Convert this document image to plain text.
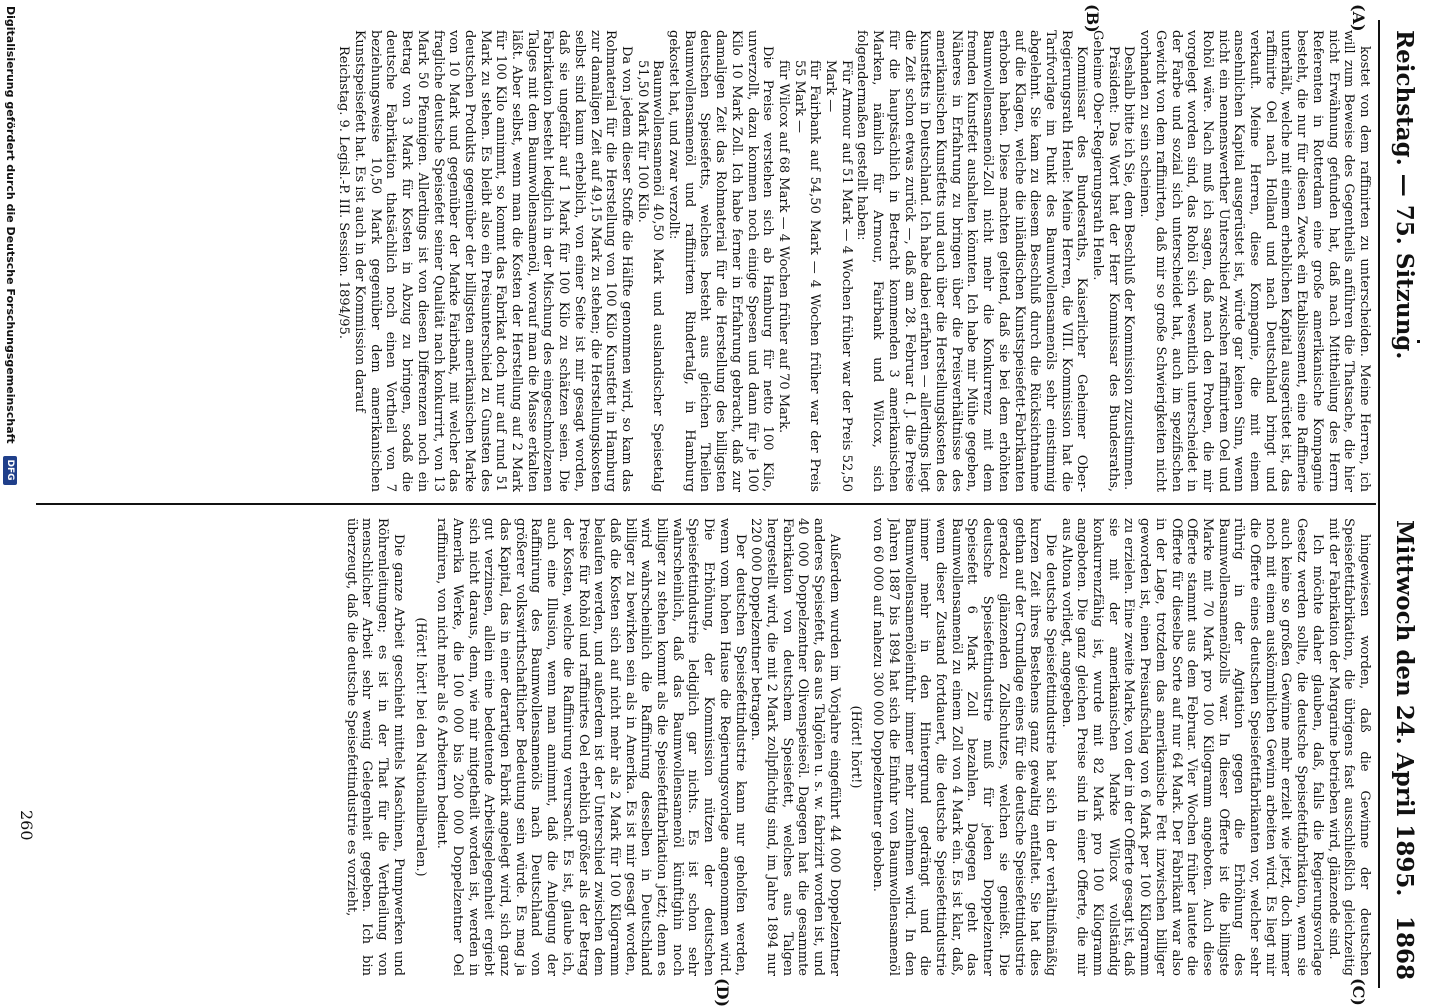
Reichstag. — 75. Sitzung.
Mittwoch den 24. April 1895.
1868
(A)
(B)
(C)
(D)

kostet von dem raffinirten zu unterscheiden. Meine Herren, ich will zum Beweise des Gegentheils anführen die Thatsache, die hier nicht Erwähnung gefunden hat, daß nach Mittheilung des Herrn Referenten in Rotterdam eine große amerikanische Kompagnie besteht, die nur für diesen Zweck ein Etablissement, eine Raffinerie unterhält, welche mit einem erheblichen Kapital ausgerüstet ist, das raffinirte Oel nach Holland und nach Deutschland bringt und verkauft. Meine Herren, diese Kompagnie, die mit einem ansehnlichen Kapital ausgerüstet ist, würde gar keinen Sinn, wenn nicht ein nennenswerther Unterschied zwischen raffinirtem Oel und Rohöl wäre. Nach muß ich sagen, daß nach den Proben, die mir vorgelegt worden sind, das Rohöl sich wesentlich unterscheidet in der Farbe und sozial sich unterscheidet hat, auch im spezifischen Gewicht von dem raffinirten, daß mir so große Schwierigkeiten nicht vorhanden zu sein scheinen.

Deshalb bitte ich Sie, dem Beschluß der Kommission zuzustimmen.

Präsident: Das Wort hat der Herr Kommissar des Bundesraths, Geheime Ober-Regierungsrath Henle.

Kommissar des Bundesraths, Kaiserlicher Geheimer Ober-Regierungsrath Henle: Meine Herren, die VIII. Kommission hat die Tarifvorlage im Punkt des Baumwollensamenöls sehr einstimmig abgelehnt. Sie kam zu diesem Beschluß durch die Rücksichtnahme auf die Klagen, welche die inländischen Kunstspeisefett-Fabrikanten erhoben haben. Diese machten geltend, daß sie bei dem erhöhten Baumwollensamenöl-Zoll nicht mehr die Konkurrenz mit dem fremden Kunstfett aushalten könnten. Ich habe mir Mühe gegeben, Näheres in Erfahrung zu bringen über die Preisverhältnisse des amerikanischen Kunstfetts und auch über die Herstellungskosten des Kunstfetts in Deutschland. Ich habe dabei erfahren — allerdings liegt die Zeit schon etwas zurück —, daß am 28. Februar d. J. die Preise für die hauptsächlich in Betracht kommenden 3 amerikanischen Marken, nämlich für Armour, Fairbank und Wilcox, sich folgendermaßen gestellt haben:

Für Armour auf 51 Mark — 4 Wochen früher war der Preis 52,50 Mark —

für Fairbank auf 54,50 Mark — 4 Wochen früher war der Preis 55 Mark —

für Wilcox auf 68 Mark — 4 Wochen früher auf 70 Mark.

Die Preise verstehen sich ab Hamburg für netto 100 Kilo, unverzollt, dazu kommen noch einige Spesen und dann für je 100 Kilo 10 Mark Zoll. Ich habe ferner in Erfahrung gebracht, daß zur damaligen Zeit das Rohmaterial für die Herstellung des billigsten deutschen Speisefetts, welches besteht aus gleichen Theilen Baumwollensamenöl und raffinirtem Rindertalg, in Hamburg gekostet hat, und zwar verzollt:

Baumwollensamenöl 40,50 Mark und auslandischer Speisetalg 51,50 Mark für 100 Kilo.

Da von jedem dieser Stoffe die Hälfte genommen wird, so kam das Rohmaterial für die Herstellung von 100 Kilo Kunstfett in Hamburg zur damaligen Zeit auf 49,15 Mark zu stehen; die Herstellungskosten selbst sind kaum erheblich, von einer Seite ist mir gesagt worden, daß sie ungefähr auf 1 Mark für 100 Kilo zu schätzen seien. Die Fabrikation besteht lediglich in der Mischung des eingeschmolzenen Talges mit dem Baumwollensamenöl, worauf man die Masse erkalten läßt. Aber selbst, wenn man die Kosten der Herstellung auf 2 Mark für 100 Kilo annimmt, so kommt das Fabrikat doch nur auf rund 51 Mark zu stehen. Es bleibt also ein Preisunterschied zu Gunsten des deutschen Produkts gegenüber der billigsten amerikanischen Marke von 10 Mark und gegenüber der Marke Fairbank, mit welcher das fragliche deutsche Speisefett seiner Qualität nach konkurrirt, von 13 Mark 50 Pfennigen. Allerdings ist von diesen Differenzen noch ein Betrag von 3 Mark für Kosten in Abzug zu bringen, sodaß die deutsche Fabrikation thatsächlich noch einen Vortheil von 7 beziehungsweise 10,50 Mark gegenüber dem amerikanischen Kunstspeisefett hat. Es ist auch in der Kommission darauf

Reichstag. 9. Legisl.-P. III. Session. 1894/95.

hingewiesen worden, daß die Gewinne der deutschen Speisefettfabrikation, die übrigens fast ausschließlich gleichzeitig mit der Fabrikation der Margarine betrieben wird, glänzende sind.

Ich möchte daher glauben, daß, falls die Regierungsvorlage Gesetz werden sollte, die deutsche Speisefettfabrikation, wenn sie auch keine so großen Gewinne mehr erzielt wie jetzt, doch immer noch mit einem auskömmlichen Gewinn arbeiten wird. Es liegt mir die Offerte eines deutschen Speisefettfabrikanten vor, welcher sehr rührig in der Agitation gegen die Erhöhung des Baumwollensamenölzolls war. In dieser Offerte ist die billigste Marke mit 70 Mark pro 100 Kilogramm angeboten. Auch diese Offerte stammt aus dem Februar. Vier Wochen früher lautete die Offerte für dieselbe Sorte auf nur 64 Mark. Der Fabrikant war also in der Lage, trotzdem das amerikanische Fett inzwischen billiger geworden ist, einen Preisaufschlag von 6 Mark per 100 Kilogramm zu erzielen. Eine zweite Marke, von der in der Offerte gesagt ist, daß sie mit der amerikanischen Marke Wilcox vollständig konkurrenzfähig ist, wurde mit 82 Mark pro 100 Kilogramm angeboten. Die ganz gleichen Preise sind in einer Offerte, die mir aus Altona vorliegt, angegeben.

Die deutsche Speisefettindustrie hat sich in der verhältnißmäßig kurzen Zeit ihres Bestehens ganz gewaltig entfaltet. Sie hat dies gethan auf der Grundlage eines für die deutsche Speisefettindustrie geradezu glänzenden Zollschutzes, welchen sie genießt. Die deutsche Speisefettindustrie muß für jeden Doppelzentner Speisefett 6 Mark Zoll bezahlen. Dagegen geht das Baumwollensamenöl zu einem Zoll von 4 Mark ein. Es ist klar, daß, wenn dieser Zustand fortdauert, die deutsche Speisefettindustrie immer mehr in den Hintergrund gedrängt und die Baumwollensamenöleinfuhr immer mehr zunehmen wird. In den Jahren 1887 bis 1894 hat sich die Einfuhr von Baumwollensamenöl von 60 000 auf nahezu 300 000 Doppelzentner gehoben.

(Hört! hört!)

Außerdem wurden im Vorjahre eingeführt 44 000 Doppelzentner anderes Speisefett, das aus Talgölen u. s. w. fabrizirt worden ist, und 40 000 Doppelzentner Olivenspeiseöl. Dagegen hat die gesammte Fabrikation von deutschem Speisefett, welches aus Talgen hergestellt wird, die mit 2 Mark zollpflichtig sind, im Jahre 1894 nur 220 000 Doppelzentner betragen.

Der deutschen Speisefettindustrie kann nur geholfen werden, wenn vom hohen Hause die Regierungsvorlage angenommen wird. Die Erhöhung, der Kommission nützen der deutschen Speisefettindustrie lediglich gar nichts. Es ist schon sehr wahrscheinlich, daß das Baumwollensamenöl künftighin noch billiger zu stehen kommt als die Speisefettfabrikation jetzt; denn es wird wahrscheinlich die Raffinirung desselben in Deutschland billiger zu bewirken sein als in Amerika. Es ist mir gesagt worden, daß die Kosten sich auf nicht mehr als 2 Mark für 100 Kilogramm belaufen werden, und außerdem ist der Unterschied zwischen dem Preise für Rohöl und raffinirtes Oel erheblich größer als der Betrag der Kosten, welche die Raffinirung verursacht. Es ist, glaube ich, auch eine Illusion, wenn man annimmt, daß die Anlegung der Raffinirung des Baumwollensamenöls nach Deutschland von größerer volkswirthschaftlicher Bedeutung sein würde. Es mag ja das Kapital, das in einer derartigen Fabrik angelegt wird, sich ganz gut verzinsen, allein eine bedeutende Arbeitsgelegenheit ergiebt sich nicht daraus, denn, wie mir mitgetheilt worden ist, werden in Amerika Werke, die 100 000 bis 200 000 Doppelzentner Oel raffiniren, von nicht mehr als 6 Arbeitern bedient.

(Hört! hört! bei den Nationalliberalen.)

Die ganze Arbeit geschieht mittels Maschinen, Pumpwerken und Röhrenleitungen; es ist in der That für die Vertheilung von menschlicher Arbeit sehr wenig Gelegenheit gegeben. Ich bin überzeugt, daß die deutsche Speisefettindustrie es vorzieht,

260
Digitalisierung gefördert durch die Deutsche Forschungsgemeinschaft DFG
